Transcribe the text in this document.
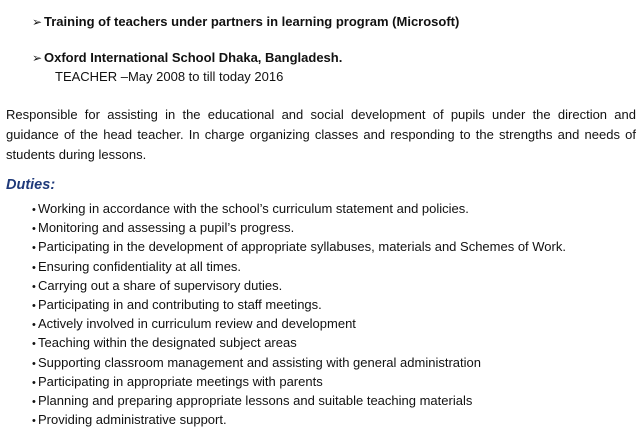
➢ Training of teachers under partners in learning program (Microsoft)
➢ Oxford International School Dhaka, Bangladesh.
TEACHER –May 2008 to till today 2016
Responsible for assisting in the educational and social development of pupils under the direction and guidance of the head teacher. In charge organizing classes and responding to the strengths and needs of students during lessons.
Duties:
• Working in accordance with the school’s curriculum statement and policies.
• Monitoring and assessing a pupil’s progress.
• Participating in the development of appropriate syllabuses, materials and Schemes of Work.
• Ensuring confidentiality at all times.
• Carrying out a share of supervisory duties.
• Participating in and contributing to staff meetings.
• Actively involved in curriculum review and development
• Teaching within the designated subject areas
• Supporting classroom management and assisting with general administration
• Participating in appropriate meetings with parents
• Planning and preparing appropriate lessons and suitable teaching materials
• Providing administrative support.
